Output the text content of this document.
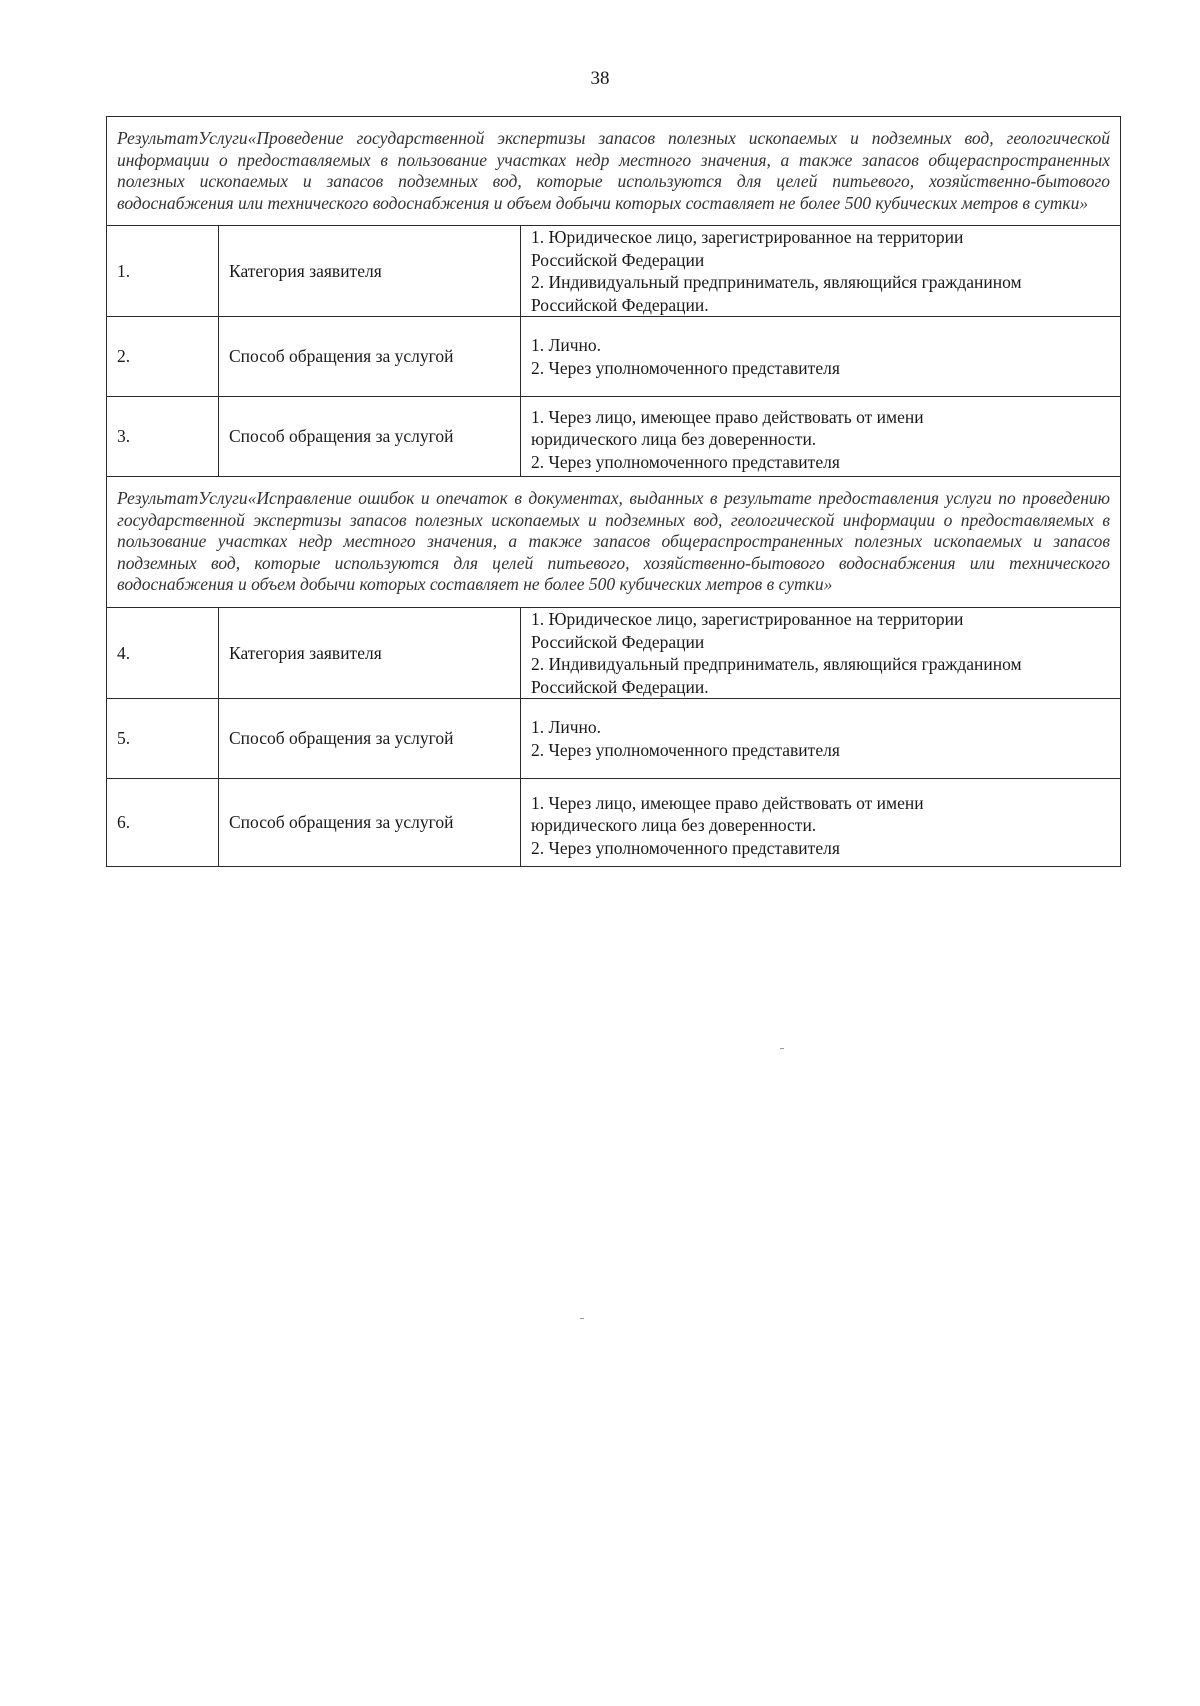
38
РезультатУслуги«Проведение государственной экспертизы запасов полезных ископаемых и подземных вод, геологической информации о предоставляемых в пользование участках недр местного значения, а также запасов общераспространенных полезных ископаемых и запасов подземных вод, которые используются для целей питьевого, хозяйственно-бытового водоснабжения или технического водоснабжения и объем добычи которых составляет не более 500 кубических метров в сутки»		
1.	Категория заявителя	1. Юридическое лицо, зарегистрированное на территории
Российской Федерации
2. Индивидуальный предприниматель, являющийся гражданином
Российской Федерации.

2.	Способ обращения за услугой	1. Лично.
2. Через уполномоченного представителя

3.	Способ обращения за услугой	1. Через лицо, имеющее право действовать от имени
юридического лица без доверенности.
2. Через уполномоченного представителя

РезультатУслуги«Исправление ошибок и опечаток в документах, выданных в результате предоставления услуги по проведению государственной экспертизы запасов полезных ископаемых и подземных вод, геологической информации о предоставляемых в пользование участках недр местного значения, а также запасов общераспространенных полезных ископаемых и запасов подземных вод, которые используются для целей питьевого, хозяйственно-бытового водоснабжения или технического водоснабжения и объем добычи которых составляет не более 500 кубических метров в сутки»		
4.	Категория заявителя	1. Юридическое лицо, зарегистрированное на территории
Российской Федерации
2. Индивидуальный предприниматель, являющийся гражданином
Российской Федерации.

5.	Способ обращения за услугой	1. Лично.
2. Через уполномоченного представителя

6.	Способ обращения за услугой	1. Через лицо, имеющее право действовать от имени
юридического лица без доверенности.
2. Через уполномоченного представителя
